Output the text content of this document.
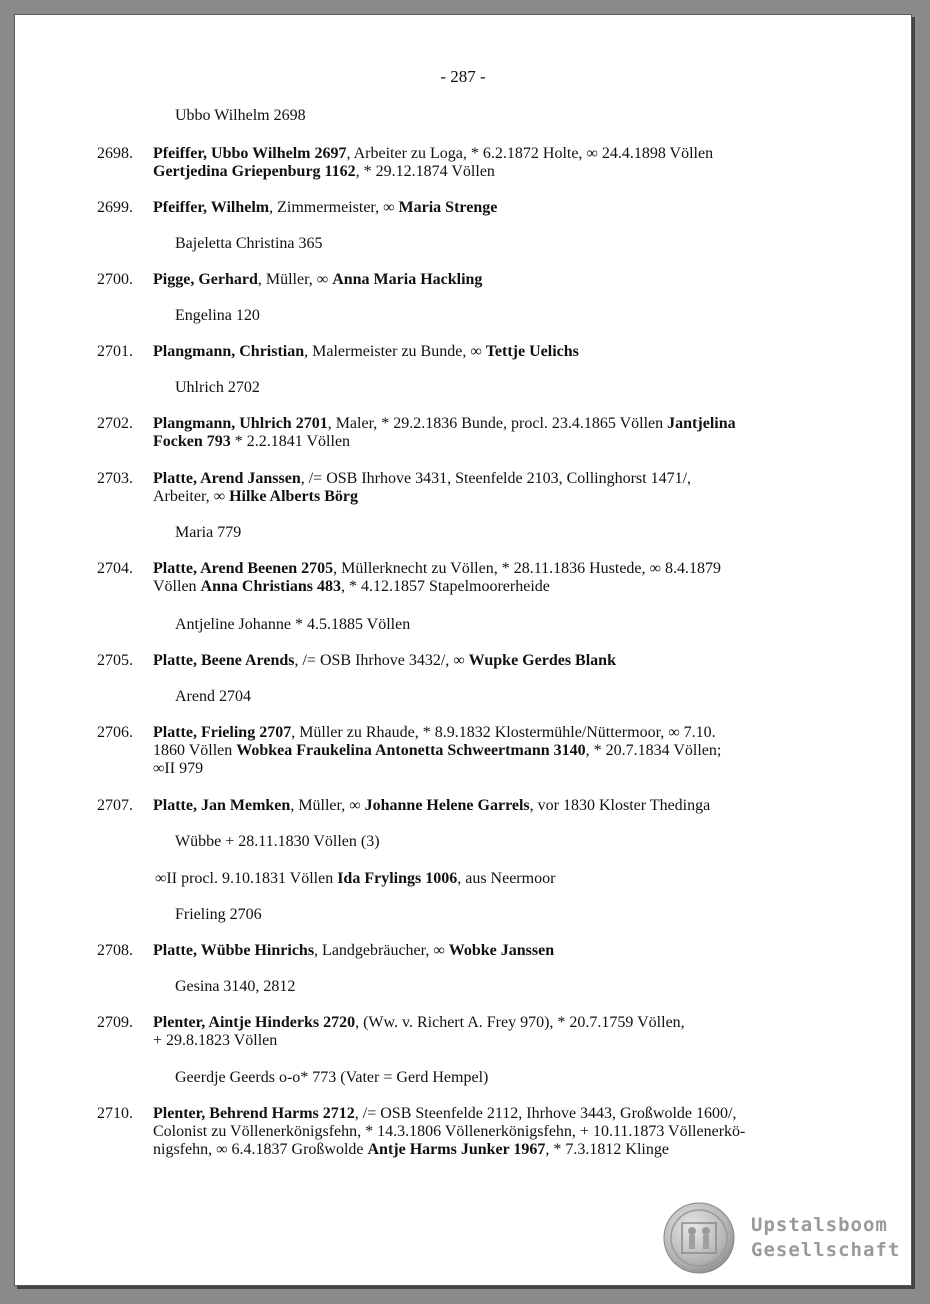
- 287 -
Ubbo Wilhelm 2698
2698.	Pfeiffer, Ubbo Wilhelm 2697, Arbeiter zu Loga, * 6.2.1872 Holte, ∞ 24.4.1898 Völlen
Gertjedina Griepenburg 1162, * 29.12.1874 Völlen
2699.	Pfeiffer, Wilhelm, Zimmermeister, ∞ Maria Strenge
Bajeletta Christina 365
2700.	Pigge, Gerhard, Müller, ∞ Anna Maria Hackling
Engelina 120
2701.	Plangmann, Christian, Malermeister zu Bunde, ∞ Tettje Uelichs
Uhlrich 2702
2702.	Plangmann, Uhlrich 2701, Maler, * 29.2.1836 Bunde, procl. 23.4.1865 Völlen Jantjelina
Focken 793 * 2.2.1841 Völlen
2703.	Platte, Arend Janssen, /= OSB Ihrhove 3431, Steenfelde 2103, Collinghorst 1471/,
Arbeiter, ∞ Hilke Alberts Börg
Maria 779
2704.	Platte, Arend Beenen 2705, Müllerknecht zu Völlen, * 28.11.1836 Hustede, ∞ 8.4.1879
Völlen Anna Christians 483, * 4.12.1857 Stapelmoorerheide
Antjeline Johanne * 4.5.1885 Völlen
2705.	Platte, Beene Arends, /= OSB Ihrhove 3432/, ∞ Wupke Gerdes Blank
Arend 2704
2706.	Platte, Frieling 2707, Müller zu Rhaude, * 8.9.1832 Klostermühle/Nüttermoor, ∞ 7.10.
1860 Völlen Wobkea Fraukelina Antonetta Schweertmann 3140, * 20.7.1834 Völlen;
∞II 979
2707.	Platte, Jan Memken, Müller, ∞ Johanne Helene Garrels, vor 1830 Kloster Thedinga
Wübbe + 28.11.1830 Völlen (3)
∞II procl. 9.10.1831 Völlen Ida Frylings 1006, aus Neermoor
Frieling 2706
2708.	Platte, Wübbe Hinrichs, Landgebräucher, ∞ Wobke Janssen
Gesina 3140, 2812
2709.	Plenter, Aintje Hinderks 2720, (Ww. v. Richert A. Frey 970), * 20.7.1759 Völlen,
+ 29.8.1823 Völlen
Geerdje Geerds o-o* 773 (Vater = Gerd Hempel)
2710.	Plenter, Behrend Harms 2712, /= OSB Steenfelde 2112, Ihrhove 3443, Großwolde 1600/,
Colonist zu Völlenerkönigsfehn, * 14.3.1806 Völlenerkönigsfehn, + 10.11.1873 Völlenerkö-
nigsfehn, ∞ 6.4.1837 Großwolde Antje Harms Junker 1967, * 7.3.1812 Klinge
Upstalsboom
Gesellschaft
